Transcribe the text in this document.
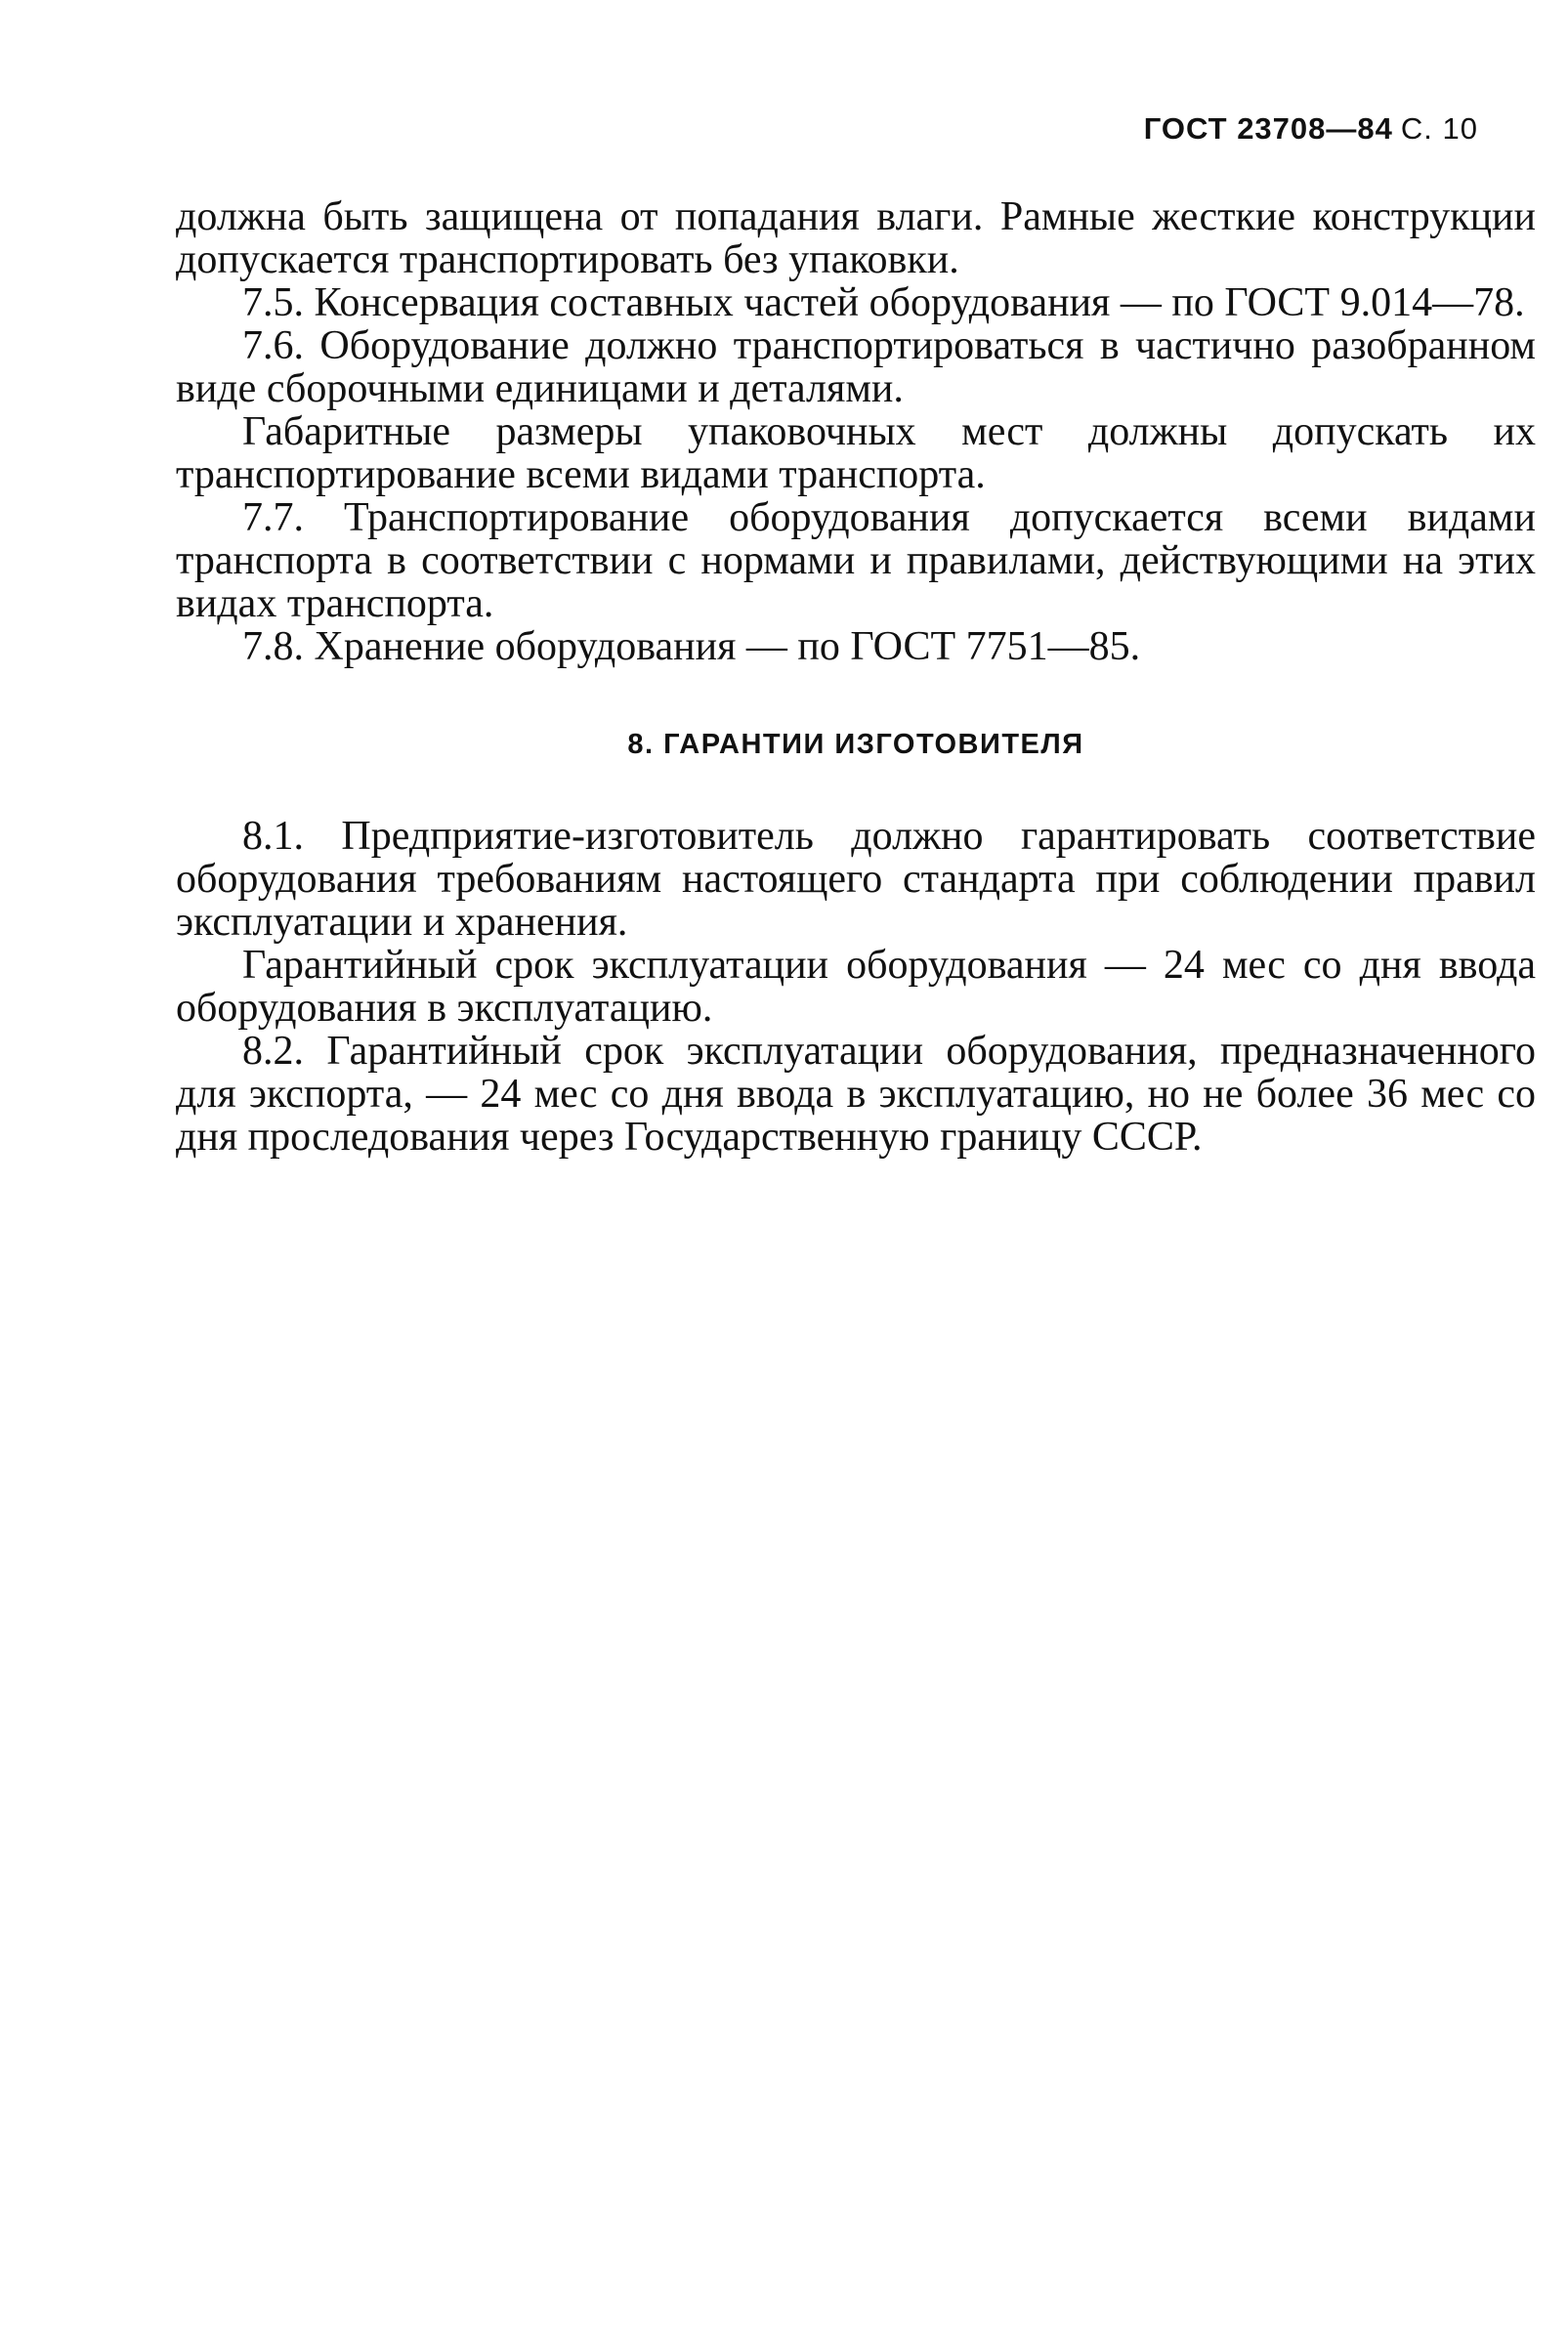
ГОСТ 23708—84 С. 10

должна быть защищена от попадания влаги. Рамные жесткие конструкции допускается транспортировать без упаковки.

7.5. Консервация составных частей оборудования — по ГОСТ 9.014—78.

7.6. Оборудование должно транспортироваться в частично разобранном виде сборочными единицами и деталями.

Габаритные размеры упаковочных мест должны допускать их транспортирование всеми видами транспорта.

7.7. Транспортирование оборудования допускается всеми видами транспорта в соответствии с нормами и правилами, действующими на этих видах транспорта.

7.8. Хранение оборудования — по ГОСТ 7751—85.

8. ГАРАНТИИ ИЗГОТОВИТЕЛЯ

8.1. Предприятие-изготовитель должно гарантировать соответствие оборудования требованиям настоящего стандарта при соблюдении правил эксплуатации и хранения.

Гарантийный срок эксплуатации оборудования — 24 мес со дня ввода оборудования в эксплуатацию.

8.2. Гарантийный срок эксплуатации оборудования, предназначенного для экспорта, — 24 мес со дня ввода в эксплуатацию, но не более 36 мес со дня проследования через Государственную границу СССР.
